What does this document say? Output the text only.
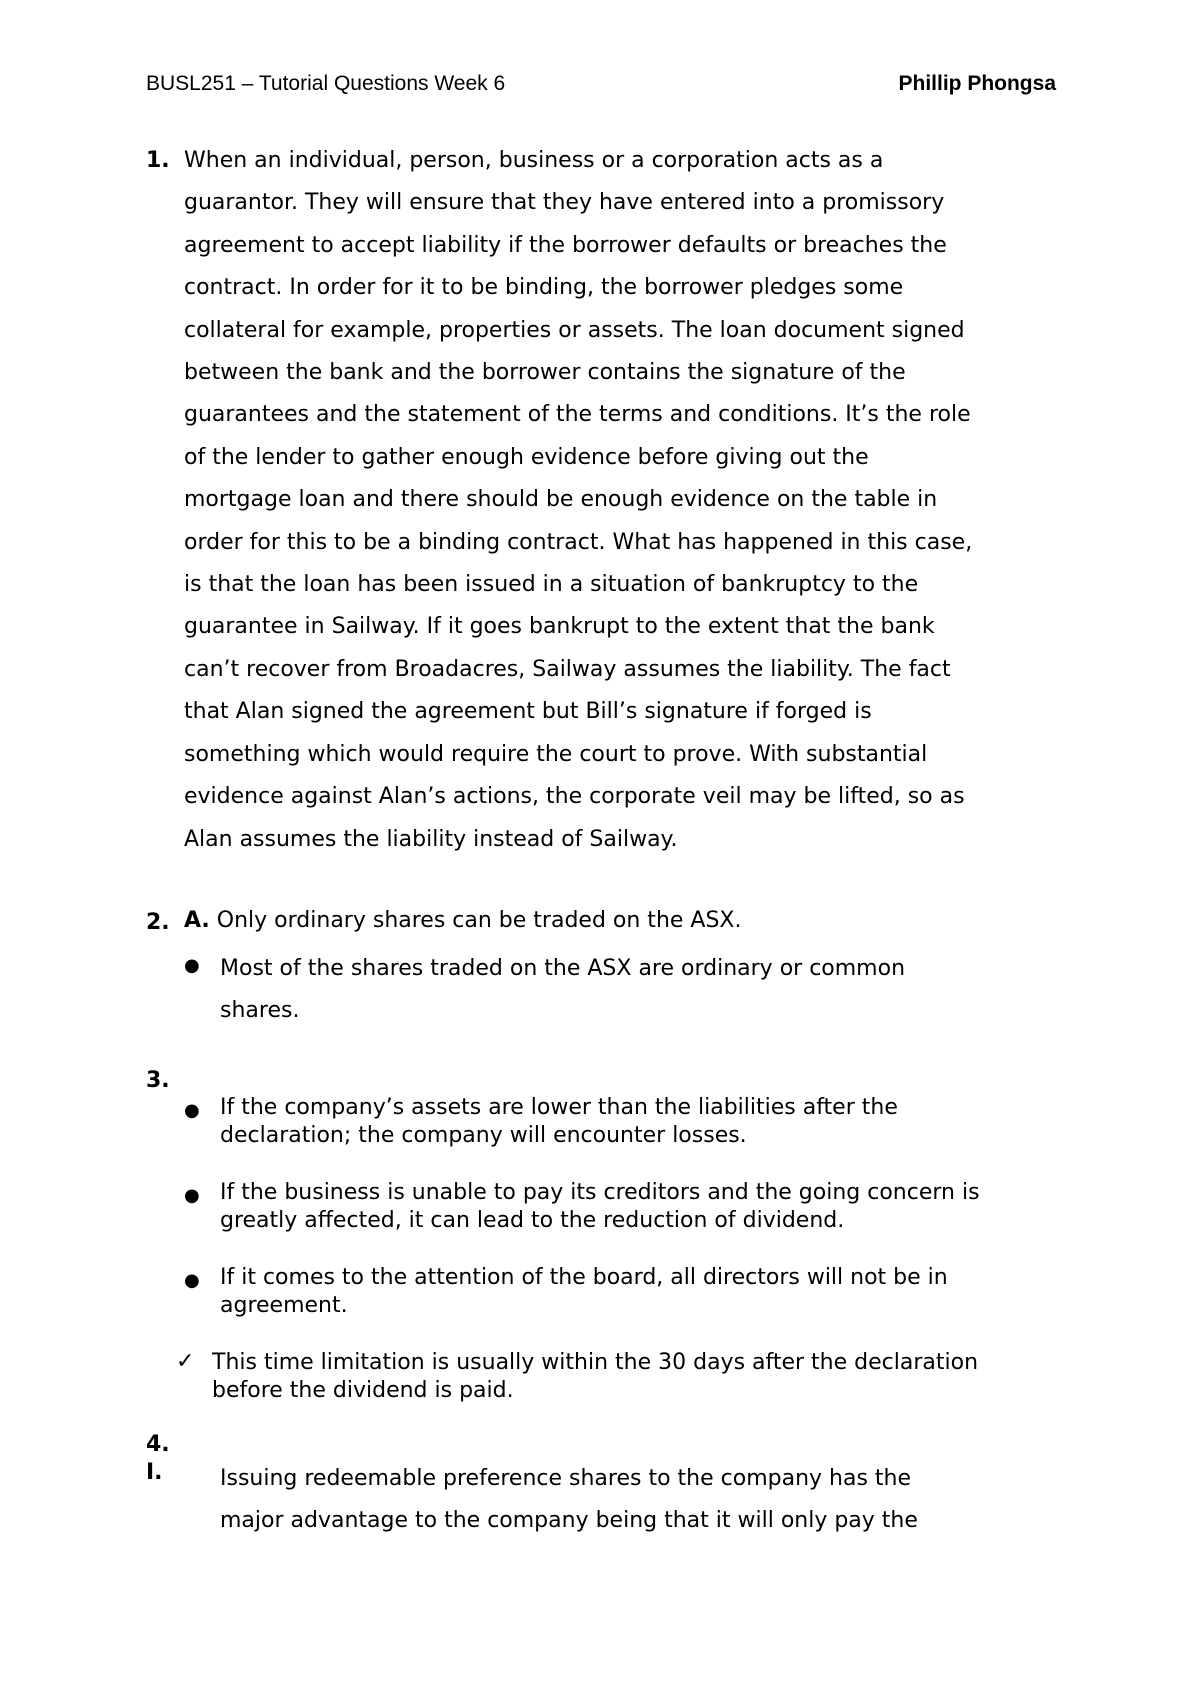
BUSL251 – Tutorial Questions Week 6	Phillip Phongsa
1. When an individual, person, business or a corporation acts as a
guarantor. They will ensure that they have entered into a promissory
agreement to accept liability if the borrower defaults or breaches the
contract. In order for it to be binding, the borrower pledges some
collateral for example, properties or assets. The loan document signed
between the bank and the borrower contains the signature of the
guarantees and the statement of the terms and conditions. It’s the role
of the lender to gather enough evidence before giving out the
mortgage loan and there should be enough evidence on the table in
order for this to be a binding contract. What has happened in this case,
is that the loan has been issued in a situation of bankruptcy to the
guarantee in Sailway. If it goes bankrupt to the extent that the bank
can’t recover from Broadacres, Sailway assumes the liability. The fact
that Alan signed the agreement but Bill’s signature if forged is
something which would require the court to prove. With substantial
evidence against Alan’s actions, the corporate veil may be lifted, so as
Alan assumes the liability instead of Sailway.
2. A. Only ordinary shares can be traded on the ASX.
● Most of the shares traded on the ASX are ordinary or common
shares.
3.
● If the company’s assets are lower than the liabilities after the
declaration; the company will encounter losses.
● If the business is unable to pay its creditors and the going concern is
greatly affected, it can lead to the reduction of dividend.
● If it comes to the attention of the board, all directors will not be in
agreement.
✓ This time limitation is usually within the 30 days after the declaration
before the dividend is paid.
4.
I.	Issuing redeemable preference shares to the company has the
major advantage to the company being that it will only pay the
